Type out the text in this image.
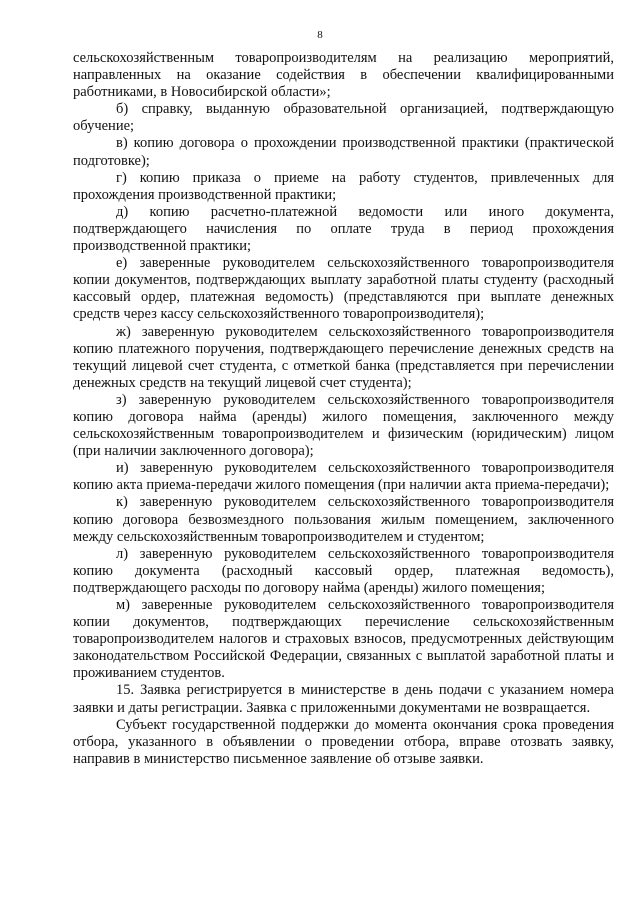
8

сельскохозяйственным товаропроизводителям на реализацию мероприятий, направленных на оказание содействия в обеспечении квалифицированными работниками, в Новосибирской области»;

б) справку, выданную образовательной организацией, подтверждающую обучение;

в) копию договора о прохождении производственной практики (практической подготовке);

г) копию приказа о приеме на работу студентов, привлеченных для прохождения производственной практики;

д) копию расчетно-платежной ведомости или иного документа, подтверждающего начисления по оплате труда в период прохождения производственной практики;

е) заверенные руководителем сельскохозяйственного товаропроизводителя копии документов, подтверждающих выплату заработной платы студенту (расходный кассовый ордер, платежная ведомость) (представляются при выплате денежных средств через кассу сельскохозяйственного товаропроизводителя);

ж) заверенную руководителем сельскохозяйственного товаропроизводителя копию платежного поручения, подтверждающего перечисление денежных средств на текущий лицевой счет студента, с отметкой банка (представляется при перечислении денежных средств на текущий лицевой счет студента);

з) заверенную руководителем сельскохозяйственного товаропроизводителя копию договора найма (аренды) жилого помещения, заключенного между сельскохозяйственным товаропроизводителем и физическим (юридическим) лицом (при наличии заключенного договора);

и) заверенную руководителем сельскохозяйственного товаропроизводителя копию акта приема-передачи жилого помещения (при наличии акта приема-передачи);

к) заверенную руководителем сельскохозяйственного товаропроизводителя копию договора безвозмездного пользования жилым помещением, заключенного между сельскохозяйственным товаропроизводителем и студентом;

л) заверенную руководителем сельскохозяйственного товаропроизводителя копию документа (расходный кассовый ордер, платежная ведомость), подтверждающего расходы по договору найма (аренды) жилого помещения;

м) заверенные руководителем сельскохозяйственного товаропроизводителя копии документов, подтверждающих перечисление сельскохозяйственным товаропроизводителем налогов и страховых взносов, предусмотренных действующим законодательством Российской Федерации, связанных с выплатой заработной платы и проживанием студентов.

15. Заявка регистрируется в министерстве в день подачи с указанием номера заявки и даты регистрации. Заявка с приложенными документами не возвращается.

Субъект государственной поддержки до момента окончания срока проведения отбора, указанного в объявлении о проведении отбора, вправе отозвать заявку, направив в министерство письменное заявление об отзыве заявки.
